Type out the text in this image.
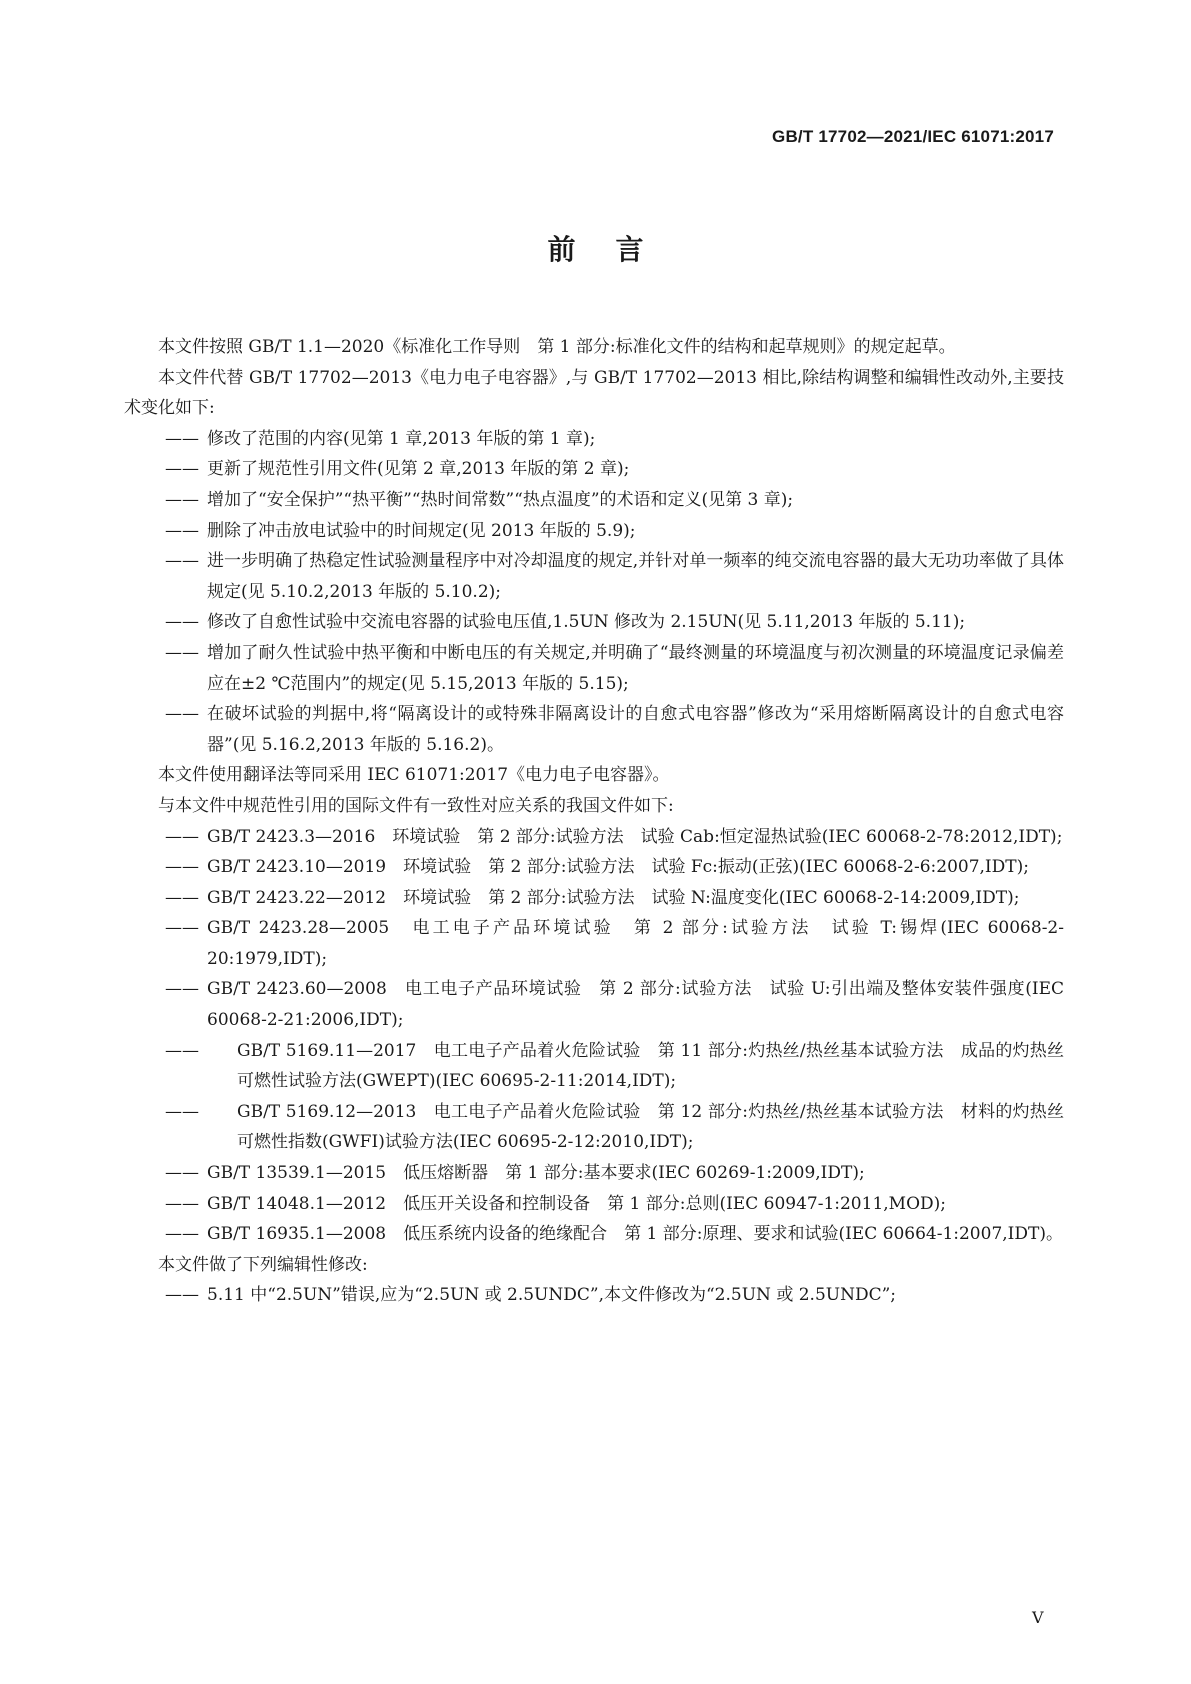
GB/T 17702—2021/IEC 61071:2017
前言

本文件按照 GB/T 1.1—2020《标准化工作导则　第 1 部分:标准化文件的结构和起草规则》的规定起草。

本文件代替 GB/T 17702—2013《电力电子电容器》,与 GB/T 17702—2013 相比,除结构调整和编辑性改动外,主要技术变化如下:

—— 修改了范围的内容(见第 1 章,2013 年版的第 1 章);

—— 更新了规范性引用文件(见第 2 章,2013 年版的第 2 章);

—— 增加了“安全保护”“热平衡”“热时间常数”“热点温度”的术语和定义(见第 3 章);

—— 删除了冲击放电试验中的时间规定(见 2013 年版的 5.9);

—— 进一步明确了热稳定性试验测量程序中对冷却温度的规定,并针对单一频率的纯交流电容器的最大无功功率做了具体规定(见 5.10.2,2013 年版的 5.10.2);

—— 修改了自愈性试验中交流电容器的试验电压值,1.5UN 修改为 2.15UN(见 5.11,2013 年版的 5.11);

—— 增加了耐久性试验中热平衡和中断电压的有关规定,并明确了“最终测量的环境温度与初次测量的环境温度记录偏差应在±2 ℃范围内”的规定(见 5.15,2013 年版的 5.15);

—— 在破坏试验的判据中,将“隔离设计的或特殊非隔离设计的自愈式电容器”修改为“采用熔断隔离设计的自愈式电容器”(见 5.16.2,2013 年版的 5.16.2)。

本文件使用翻译法等同采用 IEC 61071:2017《电力电子电容器》。

与本文件中规范性引用的国际文件有一致性对应关系的我国文件如下:

—— GB/T 2423.3—2016　环境试验　第 2 部分:试验方法　试验 Cab:恒定湿热试验(IEC 60068-2-78:2012,IDT);

—— GB/T 2423.10—2019　环境试验　第 2 部分:试验方法　试验 Fc:振动(正弦)(IEC 60068-2-6:2007,IDT);

—— GB/T 2423.22—2012　环境试验　第 2 部分:试验方法　试验 N:温度变化(IEC 60068-2-14:2009,IDT);

—— GB/T 2423.28—2005　电工电子产品环境试验　第 2 部分:试验方法　试验 T:锡焊(IEC 60068-2-20:1979,IDT);

—— GB/T 2423.60—2008　电工电子产品环境试验　第 2 部分:试验方法　试验 U:引出端及整体安装件强度(IEC 60068-2-21:2006,IDT);

—— GB/T 5169.11—2017　电工电子产品着火危险试验　第 11 部分:灼热丝/热丝基本试验方法　成品的灼热丝可燃性试验方法(GWEPT)(IEC 60695-2-11:2014,IDT);

—— GB/T 5169.12—2013　电工电子产品着火危险试验　第 12 部分:灼热丝/热丝基本试验方法　材料的灼热丝可燃性指数(GWFI)试验方法(IEC 60695-2-12:2010,IDT);

—— GB/T 13539.1—2015　低压熔断器　第 1 部分:基本要求(IEC 60269-1:2009,IDT);

—— GB/T 14048.1—2012　低压开关设备和控制设备　第 1 部分:总则(IEC 60947-1:2011,MOD);

—— GB/T 16935.1—2008　低压系统内设备的绝缘配合　第 1 部分:原理、要求和试验(IEC 60664-1:2007,IDT)。

本文件做了下列编辑性修改:

—— 5.11 中“2.5UN”错误,应为“2.5UN 或 2.5UNDC”,本文件修改为“2.5UN 或 2.5UNDC”;

V
